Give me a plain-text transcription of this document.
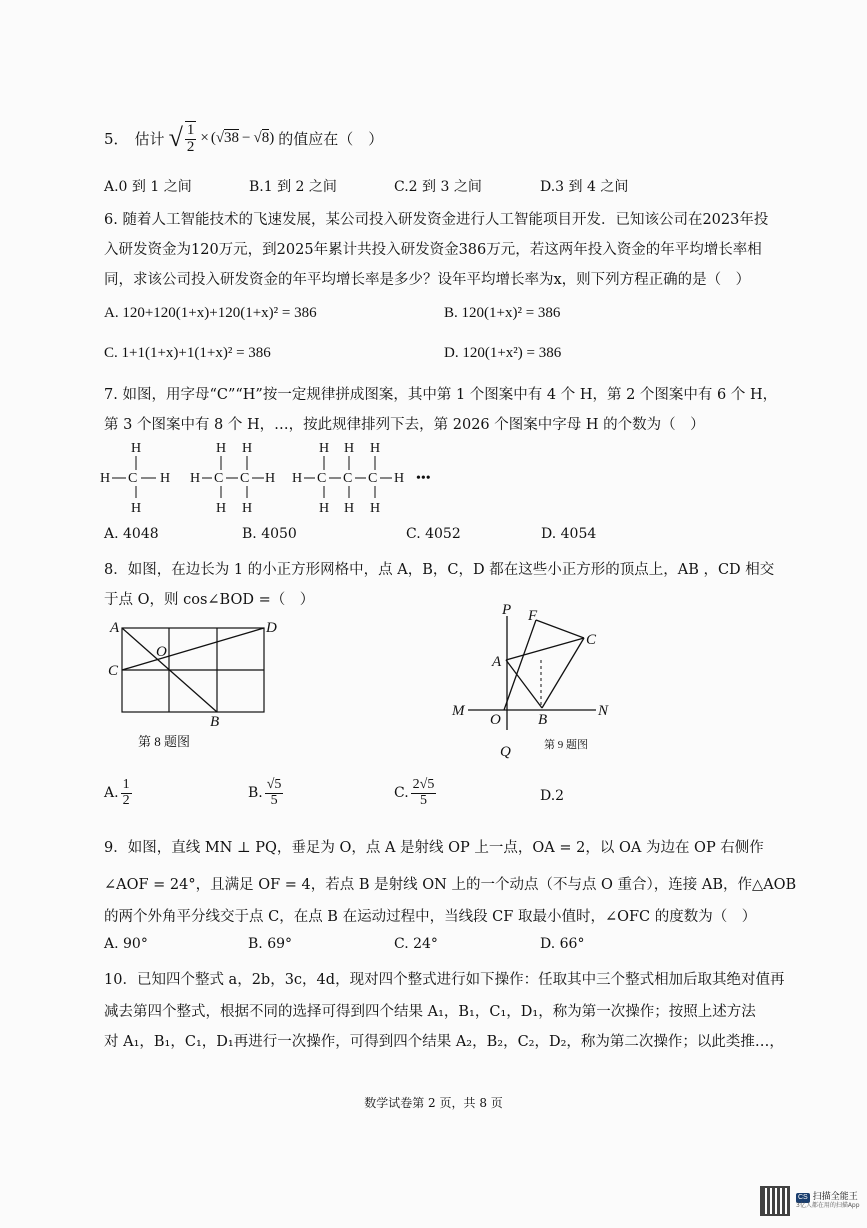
5． 估计 √ $\frac{1}{2}$ × ( √ 38 − √ 8 ) 的值应在（　）
A.0 到 1 之间	B.1 到 2 之间	C.2 到 3 之间	D.3 到 4 之间
6. 随着人工智能技术的飞速发展，某公司投入研发资金进行人工智能项目开发．已知该公司在2023年投
入研发资金为120万元，到2025年累计共投入研发资金386万元，若这两年投入资金的年平均增长率相
同，求该公司投入研发资金的年平均增长率是多少？设年平均增长率为x，则下列方程正确的是（　）
A. 120+120(1+x)+120(1+x)² = 386	B. 120(1+x)² = 386
C. 1+1(1+x)+1(1+x)² = 386	D. 120(1+x²) = 386
7. 如图，用字母“C”“H”按一定规律拼成图案，其中第 1 个图案中有 4 个 H，第 2 个图案中有 6 个 H，
第 3 个图案中有 8 个 H，…，按此规律排列下去，第 2026 个图案中字母 H 的个数为（　）
H
H C H
H
H H
H C C H
H H
H H H
H C C C H
H H H
•••
A. 4048	B. 4050	C. 4052	D. 4054
8．如图，在边长为 1 的小正方形网格中，点 A，B，C，D 都在这些小正方形的顶点上，AB ，CD 相交
于点 O，则 cos∠BOD =（　）
A	D
C
O
B
第 8 题图
P F
C
A
M
O B
N
Q	第 9 题图
A. $\frac{1}{2}$	B. $\frac{√5}{5}$	C. $\frac{2√5}{5}$	D.2
9．如图，直线 MN ⊥ PQ，垂足为 O，点 A 是射线 OP 上一点，OA = 2，以 OA 为边在 OP 右侧作
∠AOF = 24°，且满足 OF = 4，若点 B 是射线 ON 上的一个动点（不与点 O 重合），连接 AB，作△AOB
的两个外角平分线交于点 C，在点 B 在运动过程中，当线段 CF 取最小值时，∠OFC 的度数为（　）
A. 90°	B. 69°	C. 24°	D. 66°
10．已知四个整式 a，2b，3c，4d，现对四个整式进行如下操作：任取其中三个整式相加后取其绝对值再
减去第四个整式，根据不同的选择可得到四个结果 A₁，B₁，C₁，D₁，称为第一次操作；按照上述方法
对 A₁，B₁，C₁，D₁再进行一次操作，可得到四个结果 A₂，B₂，C₂，D₂，称为第二次操作；以此类推…，
数学试卷第 2 页，共 8 页
CS 扫描全能王
3亿人都在用的扫描App
